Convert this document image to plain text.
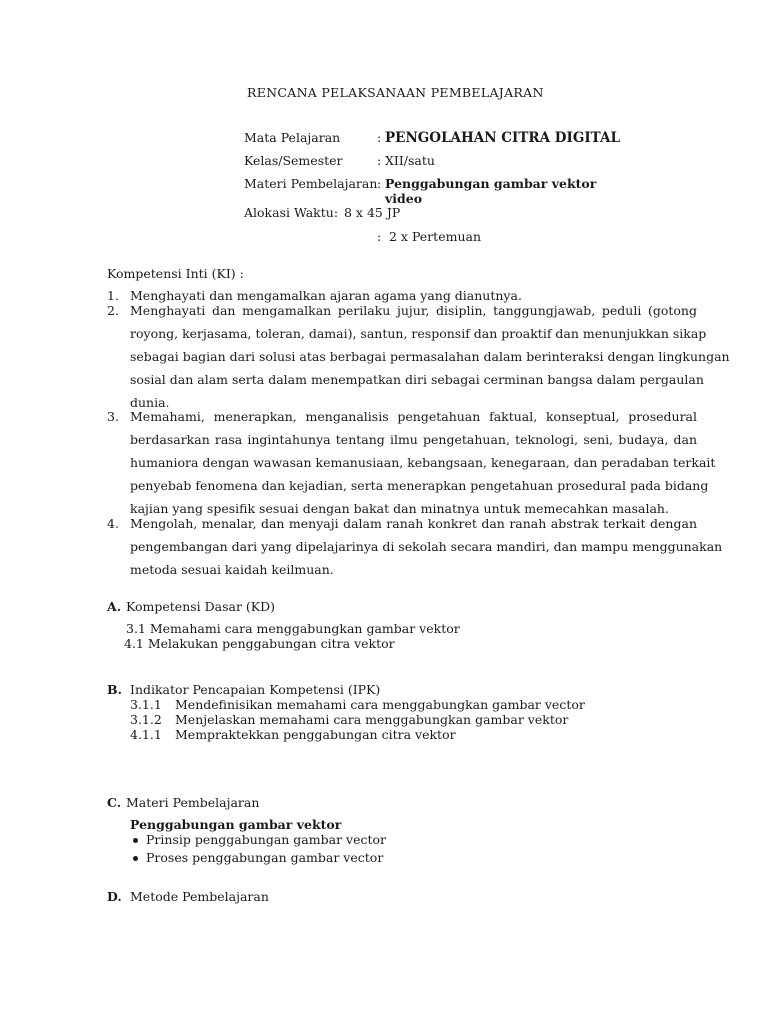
RENCANA PELAKSANAAN PEMBELAJARAN
Mata Pelajaran	: PENGOLAHAN CITRA DIGITAL
Kelas/Semester	: XII/satu
Materi Pembelajaran : Penggabungan gambar vektor
video
Alokasi Waktu: 8 x 45 JP
: 2 x Pertemuan
Kompetensi Inti (KI) :
1. Menghayati dan mengamalkan ajaran agama yang dianutnya.
2. Menghayati dan mengamalkan perilaku jujur, disiplin, tanggungjawab, peduli (gotong
royong, kerjasama, toleran, damai), santun, responsif dan proaktif dan menunjukkan sikap
sebagai bagian dari solusi atas berbagai permasalahan dalam berinteraksi dengan lingkungan
sosial dan alam serta dalam menempatkan diri sebagai cerminan bangsa dalam pergaulan
dunia.
3. Memahami, menerapkan, menganalisis pengetahuan faktual, konseptual, prosedural
berdasarkan rasa ingintahunya tentang ilmu pengetahuan, teknologi, seni, budaya, dan
humaniora dengan wawasan kemanusiaan, kebangsaan, kenegaraan, dan peradaban terkait
penyebab fenomena dan kejadian, serta menerapkan pengetahuan prosedural pada bidang
kajian yang spesifik sesuai dengan bakat dan minatnya untuk memecahkan masalah.
4. Mengolah, menalar, dan menyaji dalam ranah konkret dan ranah abstrak terkait dengan
pengembangan dari yang dipelajarinya di sekolah secara mandiri, dan mampu menggunakan
metoda sesuai kaidah keilmuan.
A. Kompetensi Dasar (KD)
3.1 Memahami cara menggabungkan gambar vektor
4.1 Melakukan penggabungan citra vektor
B. Indikator Pencapaian Kompetensi (IPK)
3.1.1 Mendefinisikan memahami cara menggabungkan gambar vector
3.1.2 Menjelaskan memahami cara menggabungkan gambar vektor
4.1.1 Mempraktekkan penggabungan citra vektor
C. Materi Pembelajaran
Penggabungan gambar vektor
Prinsip penggabungan gambar vector
Proses penggabungan gambar vector
D. Metode Pembelajaran
